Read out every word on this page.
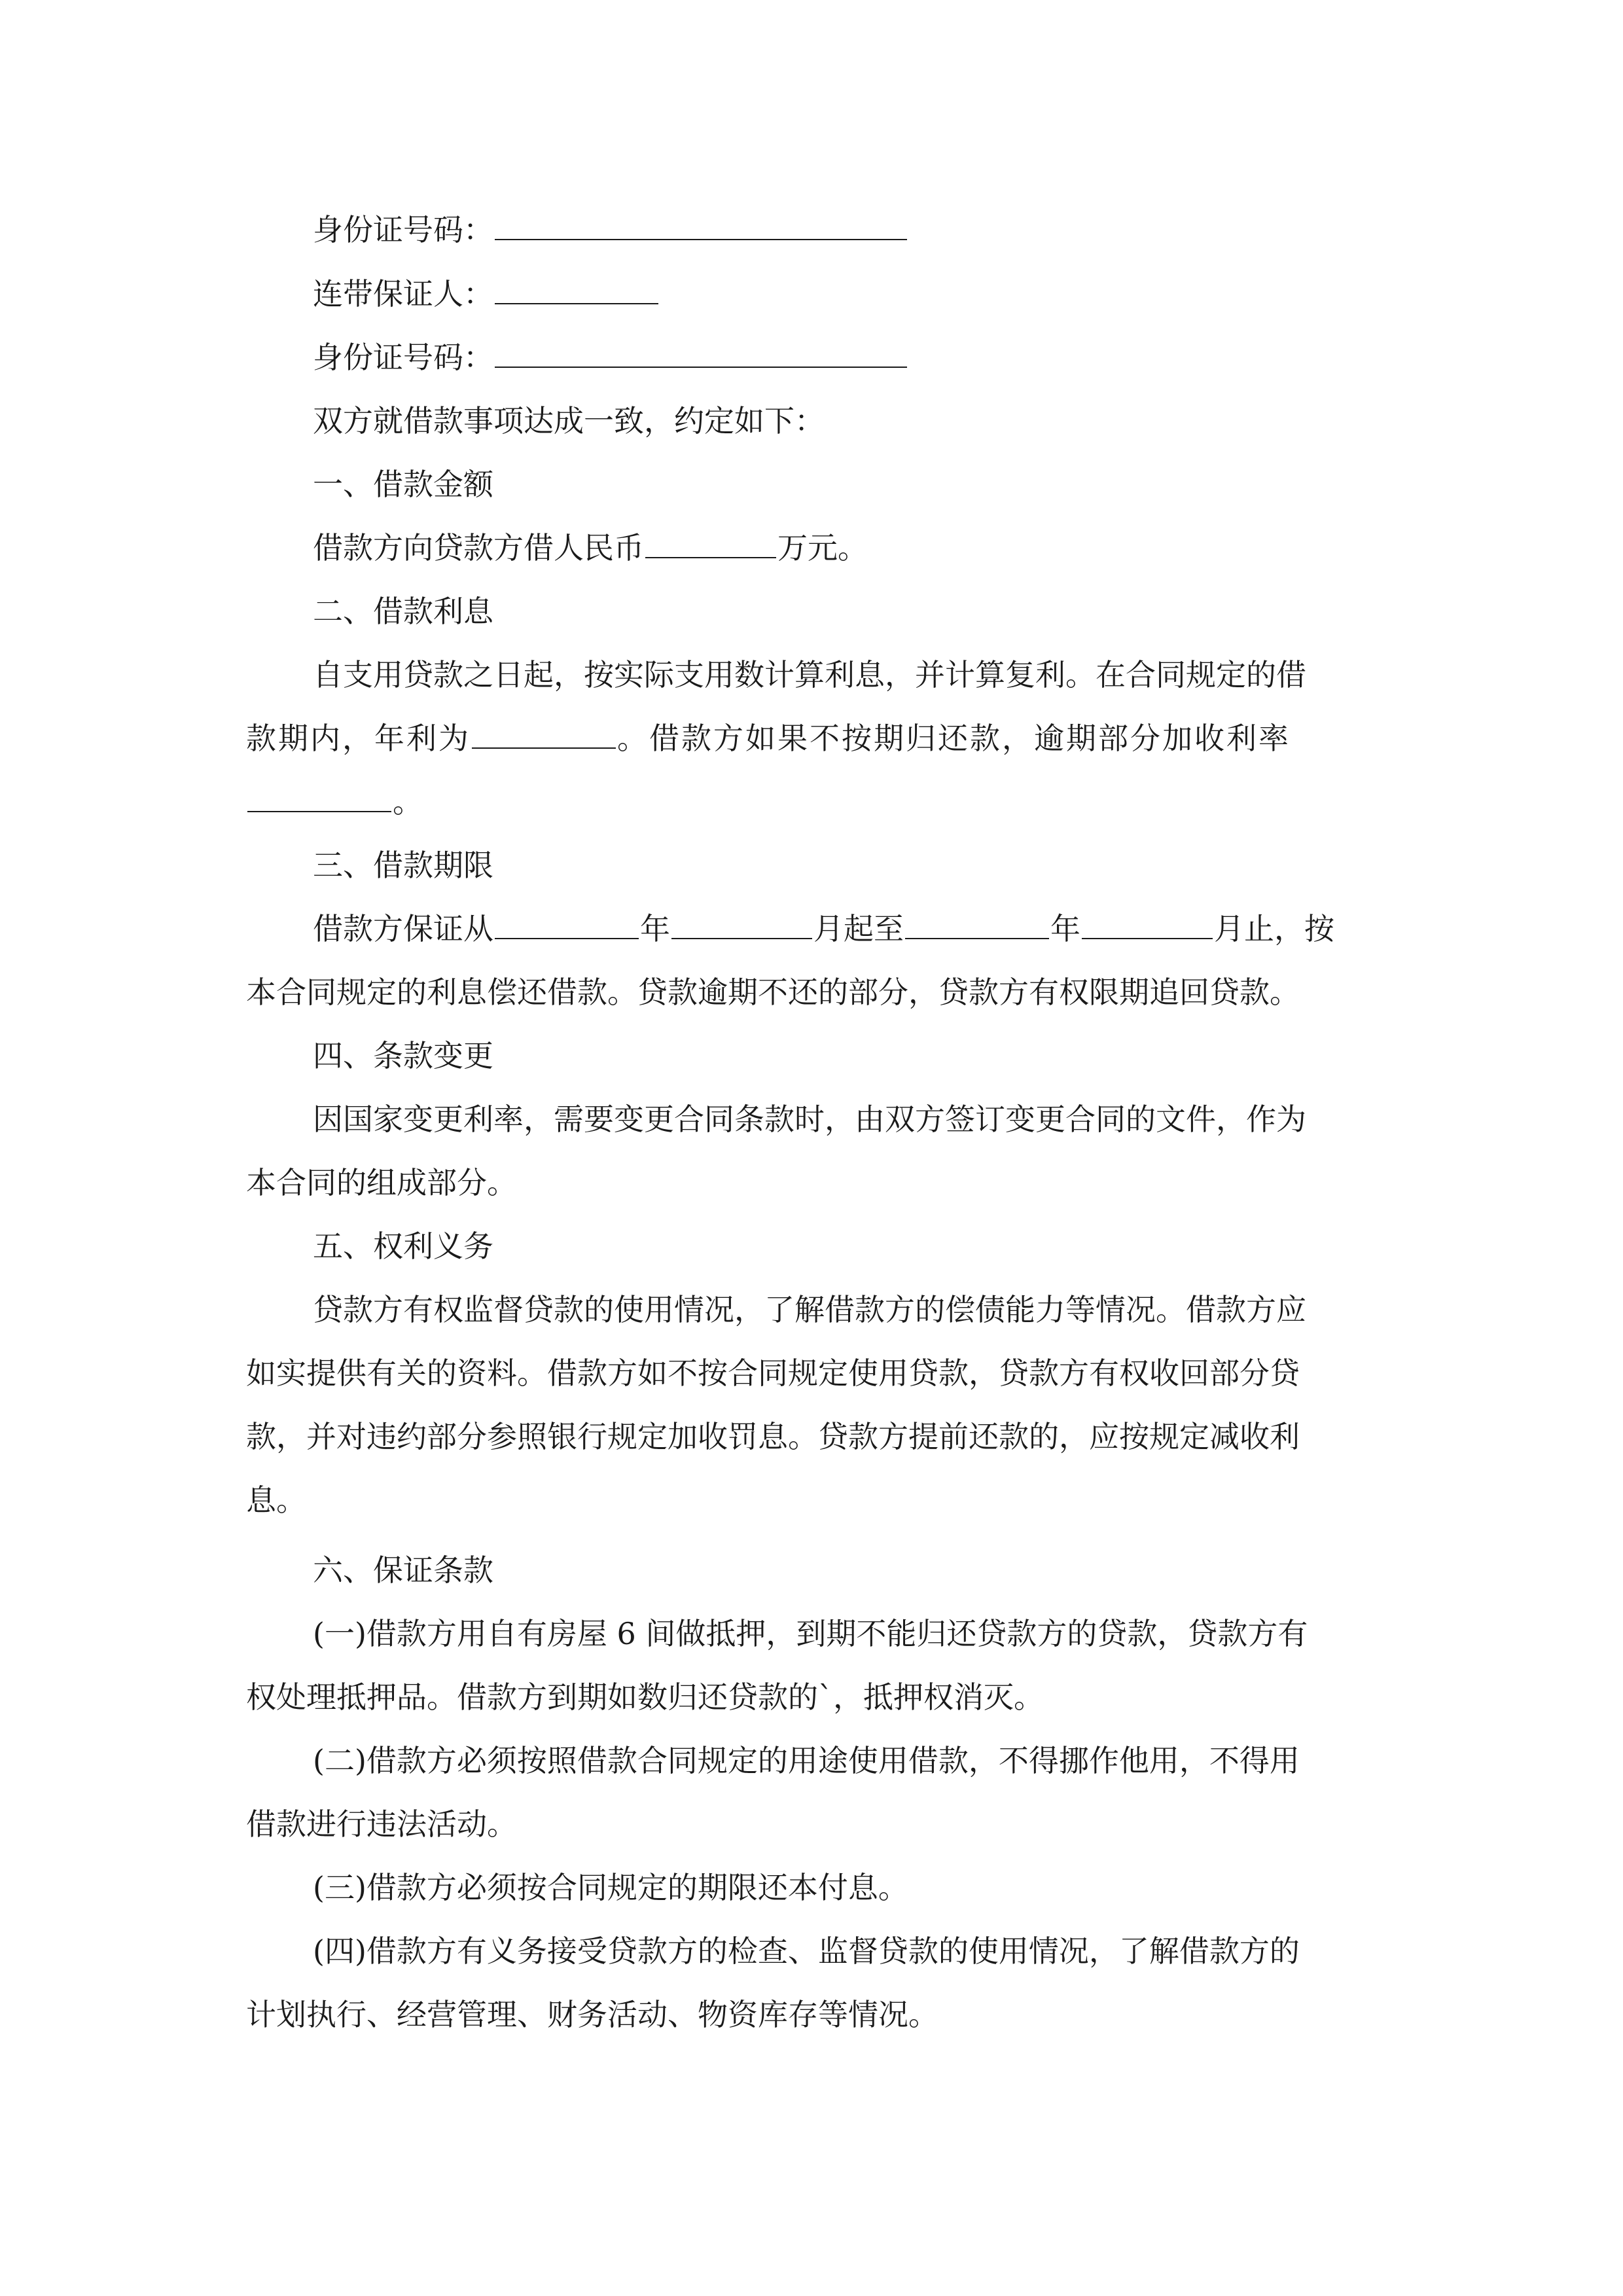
身份证号码：
连带保证人：
身份证号码：
双方就借款事项达成一致，约定如下：
一、借款金额
借款方向贷款方借人民币	万元。
二、借款利息
自支用贷款之日起，按实际支用数计算利息，并计算复利。在合同规定的借
款期内，年利为	。借款方如果不按期归还款，逾期部分加收利率
。
三、借款期限
借款方保证从	年	月起至	年	月止，按
本合同规定的利息偿还借款。贷款逾期不还的部分，贷款方有权限期追回贷款。
四、条款变更
因国家变更利率，需要变更合同条款时，由双方签订变更合同的文件，作为
本合同的组成部分。
五、权利义务
贷款方有权监督贷款的使用情况，了解借款方的偿债能力等情况。借款方应
如实提供有关的资料。借款方如不按合同规定使用贷款，贷款方有权收回部分贷
款，并对违约部分参照银行规定加收罚息。贷款方提前还款的，应按规定减收利
息。
六、保证条款
(一)借款方用自有房屋 6 间做抵押，到期不能归还贷款方的贷款，贷款方有
权处理抵押品。借款方到期如数归还贷款的`，抵押权消灭。
(二)借款方必须按照借款合同规定的用途使用借款，不得挪作他用，不得用
借款进行违法活动。
(三)借款方必须按合同规定的期限还本付息。
(四)借款方有义务接受贷款方的检查、监督贷款的使用情况，了解借款方的
计划执行、经营管理、财务活动、物资库存等情况。
